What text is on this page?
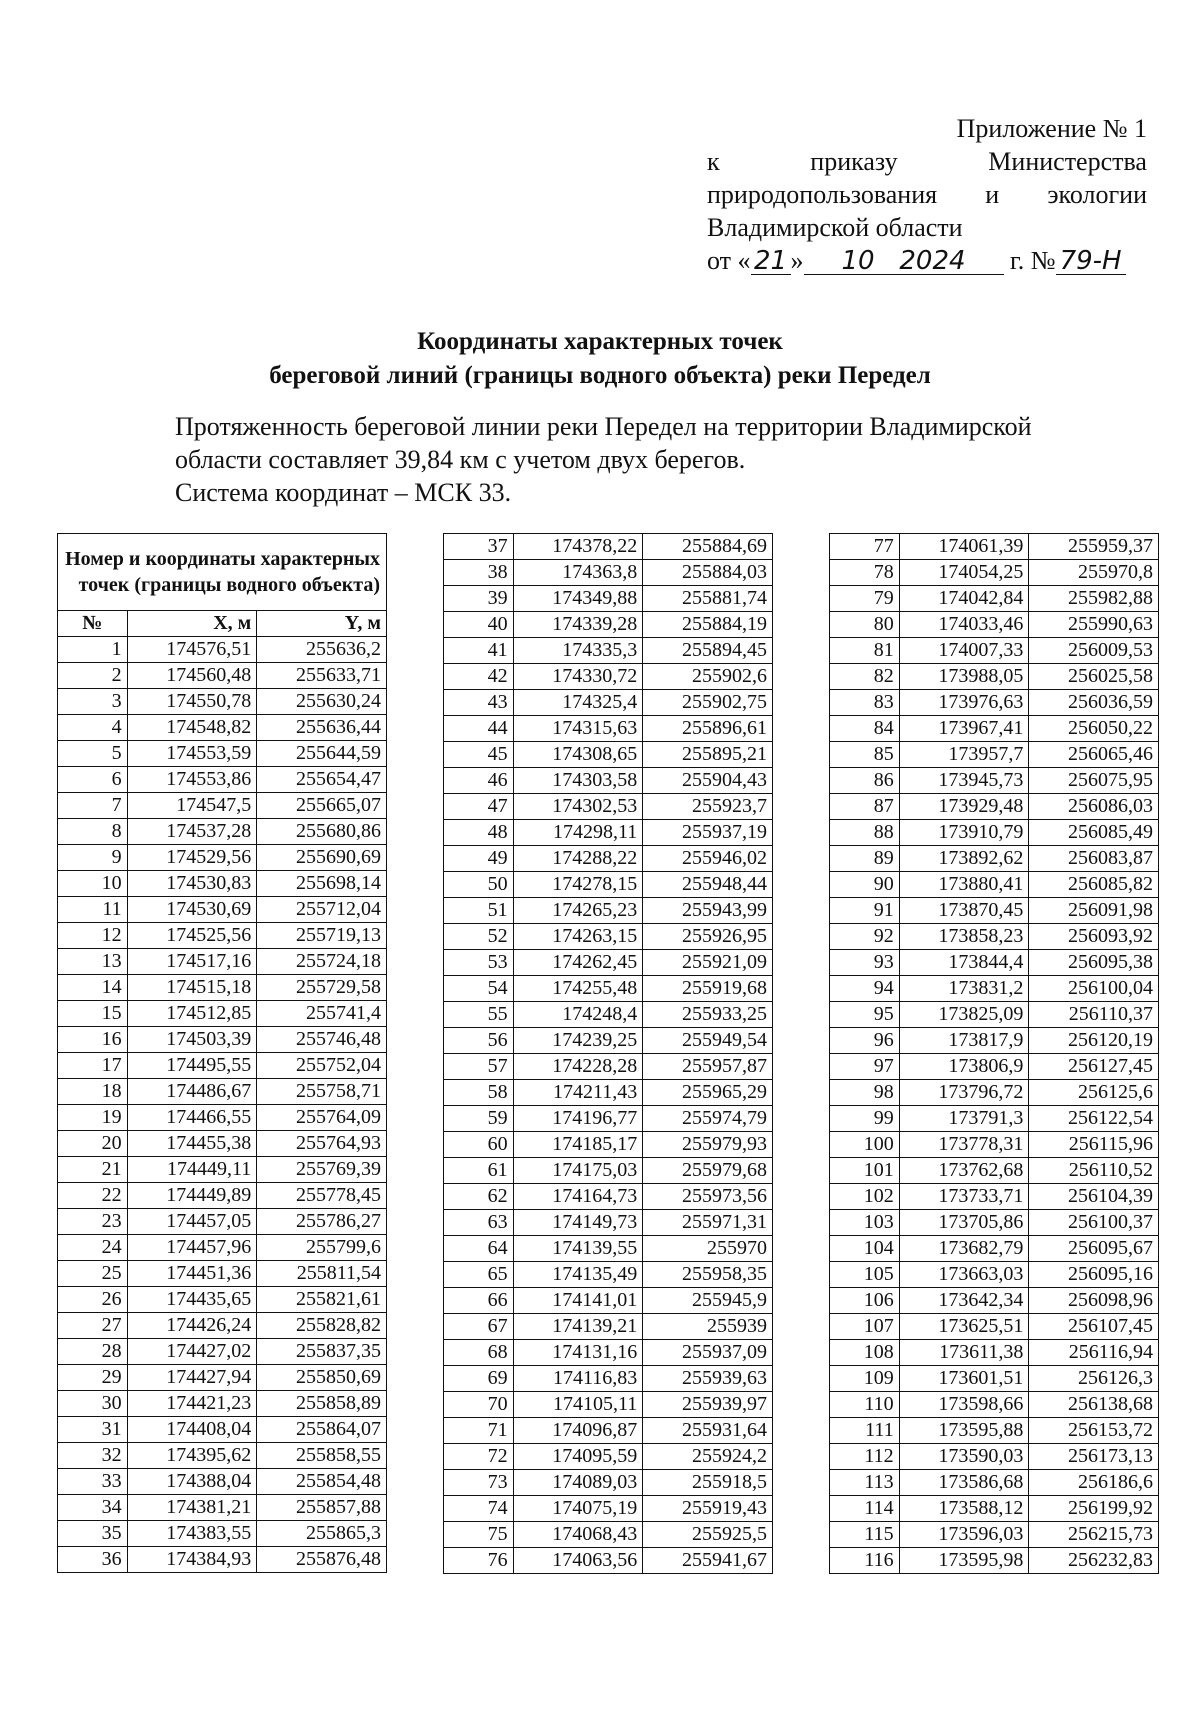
Приложение № 1
к	приказу	Министерства
природопользования и экологии
Владимирской области
от « 21 » 10 2024 г. № 79-Н
Координаты характерных точек
береговой линий (границы водного объекта) реки Передел
Протяженность береговой линии реки Передел на территории Владимирской
области составляет 39,84 км с учетом двух берегов.
Система координат – МСК 33.
Номер и координаты характерных точек (границы водного объекта)		
№	X, м	Y, м
1	174576,51	255636,2
2	174560,48	255633,71
3	174550,78	255630,24
4	174548,82	255636,44
5	174553,59	255644,59
6	174553,86	255654,47
7	174547,5	255665,07
8	174537,28	255680,86
9	174529,56	255690,69
10	174530,83	255698,14
11	174530,69	255712,04
12	174525,56	255719,13
13	174517,16	255724,18
14	174515,18	255729,58
15	174512,85	255741,4
16	174503,39	255746,48
17	174495,55	255752,04
18	174486,67	255758,71
19	174466,55	255764,09
20	174455,38	255764,93
21	174449,11	255769,39
22	174449,89	255778,45
23	174457,05	255786,27
24	174457,96	255799,6
25	174451,36	255811,54
26	174435,65	255821,61
27	174426,24	255828,82
28	174427,02	255837,35
29	174427,94	255850,69
30	174421,23	255858,89
31	174408,04	255864,07
32	174395,62	255858,55
33	174388,04	255854,48
34	174381,21	255857,88
35	174383,55	255865,3
36	174384,93	255876,48
37	174378,22	255884,69
38	174363,8	255884,03
39	174349,88	255881,74
40	174339,28	255884,19
41	174335,3	255894,45
42	174330,72	255902,6
43	174325,4	255902,75
44	174315,63	255896,61
45	174308,65	255895,21
46	174303,58	255904,43
47	174302,53	255923,7
48	174298,11	255937,19
49	174288,22	255946,02
50	174278,15	255948,44
51	174265,23	255943,99
52	174263,15	255926,95
53	174262,45	255921,09
54	174255,48	255919,68
55	174248,4	255933,25
56	174239,25	255949,54
57	174228,28	255957,87
58	174211,43	255965,29
59	174196,77	255974,79
60	174185,17	255979,93
61	174175,03	255979,68
62	174164,73	255973,56
63	174149,73	255971,31
64	174139,55	255970
65	174135,49	255958,35
66	174141,01	255945,9
67	174139,21	255939
68	174131,16	255937,09
69	174116,83	255939,63
70	174105,11	255939,97
71	174096,87	255931,64
72	174095,59	255924,2
73	174089,03	255918,5
74	174075,19	255919,43
75	174068,43	255925,5
76	174063,56	255941,67
77	174061,39	255959,37
78	174054,25	255970,8
79	174042,84	255982,88
80	174033,46	255990,63
81	174007,33	256009,53
82	173988,05	256025,58
83	173976,63	256036,59
84	173967,41	256050,22
85	173957,7	256065,46
86	173945,73	256075,95
87	173929,48	256086,03
88	173910,79	256085,49
89	173892,62	256083,87
90	173880,41	256085,82
91	173870,45	256091,98
92	173858,23	256093,92
93	173844,4	256095,38
94	173831,2	256100,04
95	173825,09	256110,37
96	173817,9	256120,19
97	173806,9	256127,45
98	173796,72	256125,6
99	173791,3	256122,54
100	173778,31	256115,96
101	173762,68	256110,52
102	173733,71	256104,39
103	173705,86	256100,37
104	173682,79	256095,67
105	173663,03	256095,16
106	173642,34	256098,96
107	173625,51	256107,45
108	173611,38	256116,94
109	173601,51	256126,3
110	173598,66	256138,68
111	173595,88	256153,72
112	173590,03	256173,13
113	173586,68	256186,6
114	173588,12	256199,92
115	173596,03	256215,73
116	173595,98	256232,83
